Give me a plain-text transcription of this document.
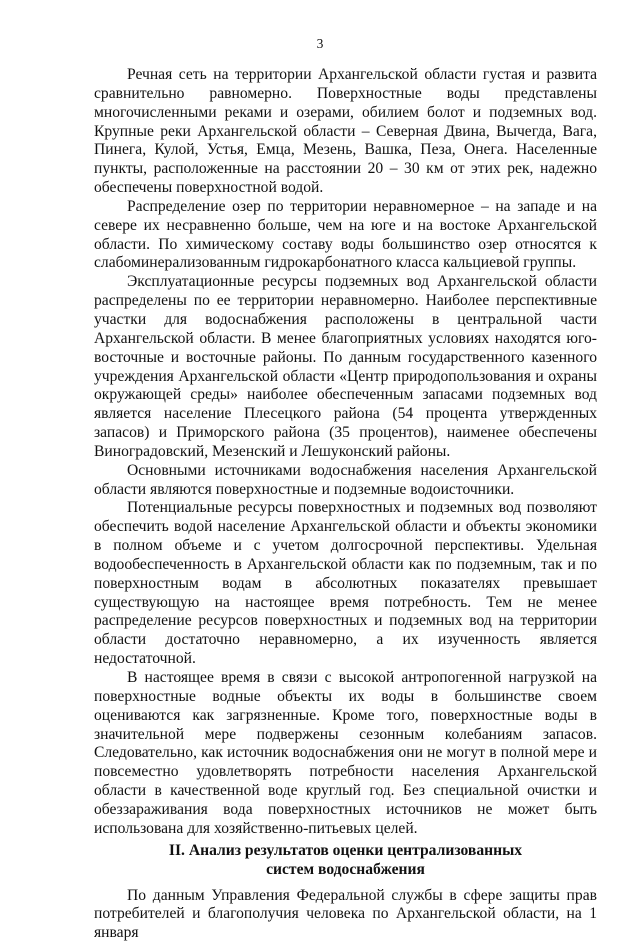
3

Речная сеть на территории Архангельской области густая и развита сравнительно равномерно. Поверхностные воды представлены многочисленными реками и озерами, обилием болот и подземных вод. Крупные реки Архангельской области – Северная Двина, Вычегда, Вага, Пинега, Кулой, Устья, Емца, Мезень, Вашка, Пеза, Онега. Населенные пункты, расположенные на расстоянии 20 – 30 км от этих рек, надежно обеспечены поверхностной водой.

Распределение озер по территории неравномерное – на западе и на севере их несравненно больше, чем на юге и на востоке Архангельской области. По химическому составу воды большинство озер относятся к слабоминерализованным гидрокарбонатного класса кальциевой группы.

Эксплуатационные ресурсы подземных вод Архангельской области распределены по ее территории неравномерно. Наиболее перспективные участки для водоснабжения расположены в центральной части Архангельской области. В менее благоприятных условиях находятся юго-восточные и восточные районы. По данным государственного казенного учреждения Архангельской области «Центр природопользования и охраны окружающей среды» наиболее обеспеченным запасами подземных вод является население Плесецкого района (54 процента утвержденных запасов) и Приморского района (35 процентов), наименее обеспечены Виноградовский, Мезенский и Лешуконский районы.

Основными источниками водоснабжения населения Архангельской области являются поверхностные и подземные водоисточники.

Потенциальные ресурсы поверхностных и подземных вод позволяют обеспечить водой население Архангельской области и объекты экономики в полном объеме и с учетом долгосрочной перспективы. Удельная водообеспеченность в Архангельской области как по подземным, так и по поверхностным водам в абсолютных показателях превышает существующую на настоящее время потребность. Тем не менее распределение ресурсов поверхностных и подземных вод на территории области достаточно неравномерно, а их изученность является недостаточной.

В настоящее время в связи с высокой антропогенной нагрузкой на поверхностные водные объекты их воды в большинстве своем оцениваются как загрязненные. Кроме того, поверхностные воды в значительной мере подвержены сезонным колебаниям запасов. Следовательно, как источник водоснабжения они не могут в полной мере и повсеместно удовлетворять потребности населения Архангельской области в качественной воде круглый год. Без специальной очистки и обеззараживания вода поверхностных источников не может быть использована для хозяйственно-питьевых целей.

II. Анализ результатов оценки централизованных
систем водоснабжения

По данным Управления Федеральной службы в сфере защиты прав потребителей и благополучия человека по Архангельской области, на 1 января
